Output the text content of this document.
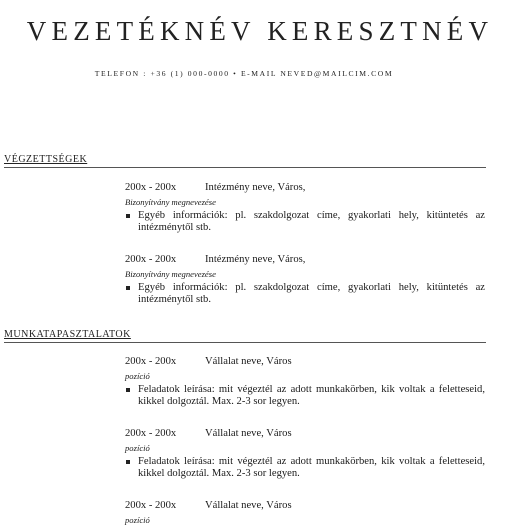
VEZETÉKNÉV KERESZTNÉV
TELEFON : +36 (1) 000-0000 • E-MAIL NEVED@MAILCIM.COM
VÉGZETTSÉGEK
200x - 200x	Intézmény neve, Város,
Bizonyítvány megnevezése
Egyéb információk: pl. szakdolgozat címe, gyakorlati hely, kitüntetés az intézménytől stb.
200x - 200x	Intézmény neve, Város,
Bizonyítvány megnevezése
Egyéb információk: pl. szakdolgozat címe, gyakorlati hely, kitüntetés az intézménytől stb.
MUNKATAPASZTALATOK
200x - 200x	Vállalat neve, Város
pozíció
Feladatok leírása: mit végeztél az adott munkakörben, kik voltak a feletteseid, kikkel dolgoztál. Max. 2-3 sor legyen.
200x - 200x	Vállalat neve, Város
pozíció
Feladatok leírása: mit végeztél az adott munkakörben, kik voltak a feletteseid, kikkel dolgoztál. Max. 2-3 sor legyen.
200x - 200x	Vállalat neve, Város
pozíció
